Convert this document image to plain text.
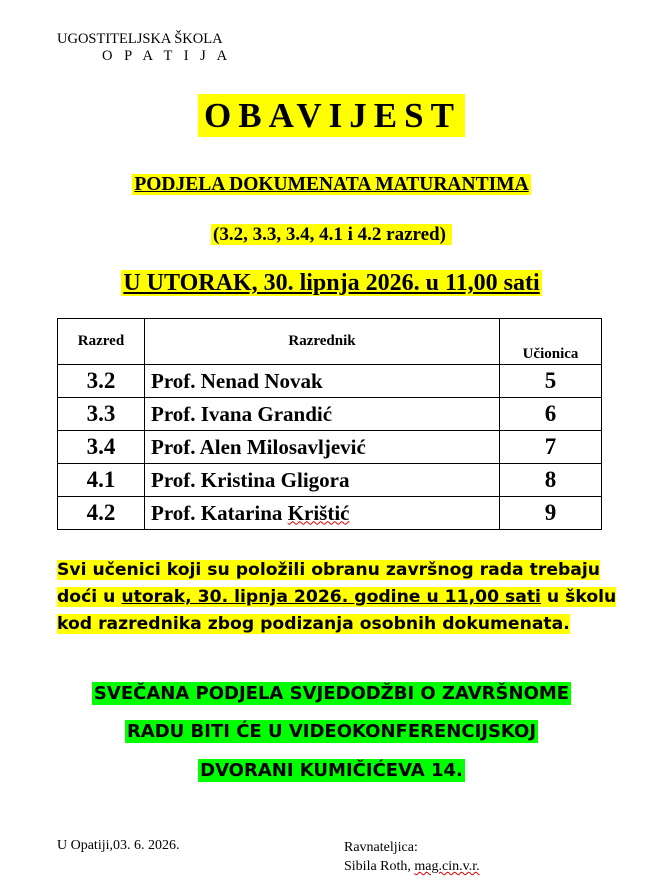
UGOSTITELJSKA ŠKOLA
O P A T I J A
OBAVIJEST
PODJELA DOKUMENATA MATURANTIMA
(3.2, 3.3, 3.4, 4.1 i 4.2 razred)
U UTORAK, 30. lipnja 2026. u 11,00 sati
Razred	Razrednik	Učionica
3.2	Prof. Nenad Novak	5
3.3	Prof. Ivana Grandić	6
3.4	Prof. Alen Milosavljević	7
4.1	Prof. Kristina Gligora	8
4.2	Prof. Katarina Krištić	9
Svi učenici koji su položili obranu završnog rada trebaju doći u utorak, 30. lipnja 2026. godine u 11,00 sati u školu kod razrednika zbog podizanja osobnih dokumenata.
SVEČANA PODJELA SVJEDODŽBI O ZAVRŠNOME
RADU BITI ĆE U VIDEOKONFERENCIJSKOJ
DVORANI KUMIČIĆEVA 14.
U Opatiji,03. 6. 2026.	Ravnateljica:
Sibila Roth, mag.cin.v.r.
